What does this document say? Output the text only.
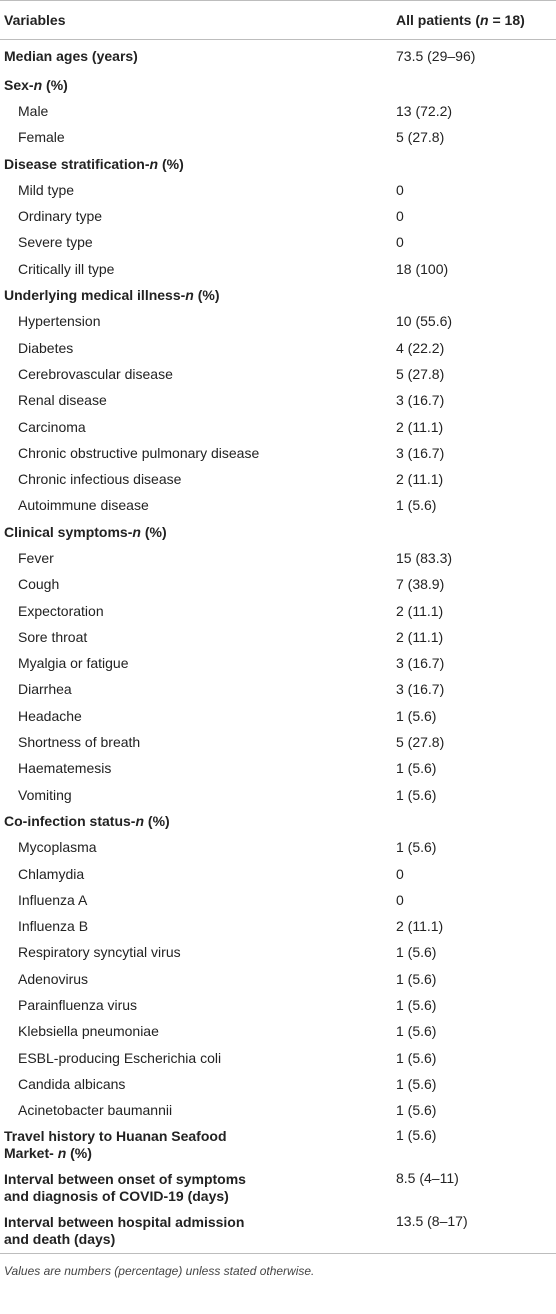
Variables	All patients (n = 18)
Median ages (years)	73.5 (29–96)
Sex-n (%)	
Male	13 (72.2)
Female	5 (27.8)
Disease stratification-n (%)	
Mild type	0
Ordinary type	0
Severe type	0
Critically ill type	18 (100)
Underlying medical illness-n (%)	
Hypertension	10 (55.6)
Diabetes	4 (22.2)
Cerebrovascular disease	5 (27.8)
Renal disease	3 (16.7)
Carcinoma	2 (11.1)
Chronic obstructive pulmonary disease	3 (16.7)
Chronic infectious disease	2 (11.1)
Autoimmune disease	1 (5.6)
Clinical symptoms-n (%)	
Fever	15 (83.3)
Cough	7 (38.9)
Expectoration	2 (11.1)
Sore throat	2 (11.1)
Myalgia or fatigue	3 (16.7)
Diarrhea	3 (16.7)
Headache	1 (5.6)
Shortness of breath	5 (27.8)
Haematemesis	1 (5.6)
Vomiting	1 (5.6)
Co-infection status-n (%)	
Mycoplasma	1 (5.6)
Chlamydia	0
Influenza A	0
Influenza B	2 (11.1)
Respiratory syncytial virus	1 (5.6)
Adenovirus	1 (5.6)
Parainfluenza virus	1 (5.6)
Klebsiella pneumoniae	1 (5.6)
ESBL-producing Escherichia coli	1 (5.6)
Candida albicans	1 (5.6)
Acinetobacter baumannii	1 (5.6)
Travel history to Huanan Seafood
Market- n (%)	1 (5.6)
Interval between onset of symptoms
and diagnosis of COVID-19 (days)	8.5 (4–11)
Interval between hospital admission
and death (days)	13.5 (8–17)
Values are numbers (percentage) unless stated otherwise.
